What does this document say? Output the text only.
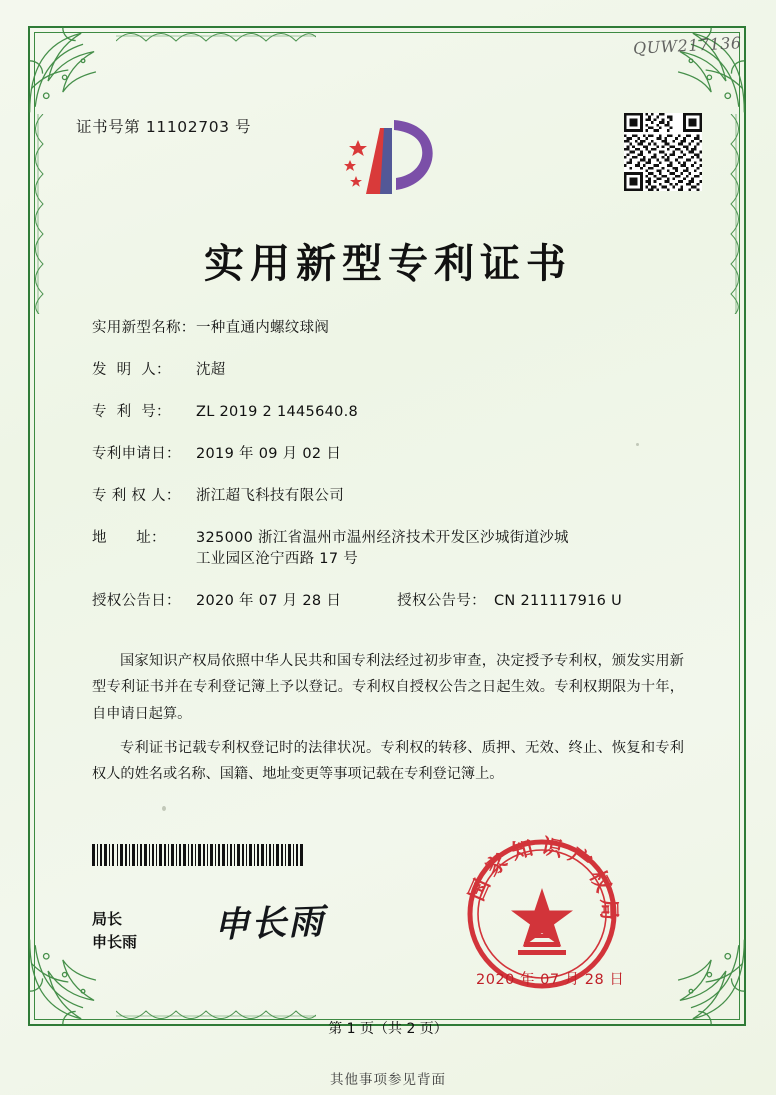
QUW217136
证书号第 11102703 号
实用新型专利证书
实用新型名称： 一种直通内螺纹球阀
发  明  人：	沈超
专  利  号：	ZL 2019 2 1445640.8
专利申请日：	2019 年 09 月 02 日
专 利 权 人：	浙江超飞科技有限公司
地      址：	325000 浙江省温州市温州经济技术开发区沙城街道沙城
工业园区沧宁西路 17 号
授权公告日：	2020 年 07 月 28 日	授权公告号： CN 211117916 U

国家知识产权局依照中华人民共和国专利法经过初步审查，决定授予专利权，颁发实用新型专利证书并在专利登记簿上予以登记。专利权自授权公告之日起生效。专利权期限为十年，自申请日起算。

专利证书记载专利权登记时的法律状况。专利权的转移、质押、无效、终止、恢复和专利权人的姓名或名称、国籍、地址变更等事项记载在专利登记簿上。

局长
申长雨 申长雨
国家知识产权局
2020 年 07 月 28 日
第 1 页（共 2 页）
其他事项参见背面
